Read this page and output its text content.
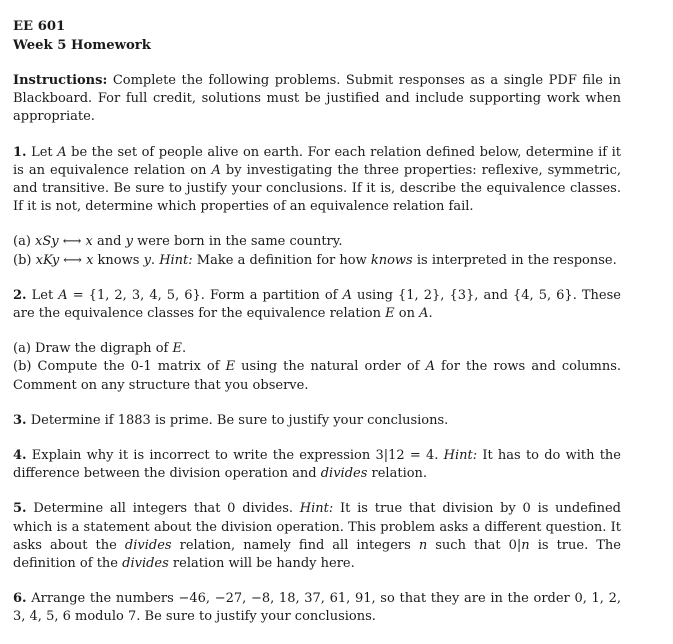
EE 601
Week 5 Homework

Instructions: Complete the following problems. Submit responses as a single PDF file in Blackboard. For full credit, solutions must be justified and include supporting work when appropriate.

1. Let A be the set of people alive on earth. For each relation defined below, determine if it is an equivalence relation on A by investigating the three properties: reflexive, symmetric, and transitive. Be sure to justify your conclusions. If it is, describe the equivalence classes. If it is not, determine which properties of an equivalence relation fail.

(a) xSy ⟷ x and y were born in the same country.

(b) xKy ⟷ x knows y. Hint: Make a definition for how knows is interpreted in the response.

2. Let A = {1, 2, 3, 4, 5, 6}. Form a partition of A using {1, 2}, {3}, and {4, 5, 6}. These are the equivalence classes for the equivalence relation E on A.

(a) Draw the digraph of E.

(b) Compute the 0-1 matrix of E using the natural order of A for the rows and columns. Comment on any structure that you observe.

3. Determine if 1883 is prime. Be sure to justify your conclusions.

4. Explain why it is incorrect to write the expression 3|12 = 4. Hint: It has to do with the difference between the division operation and divides relation.

5. Determine all integers that 0 divides. Hint: It is true that division by 0 is undefined which is a statement about the division operation. This problem asks a different question. It asks about the divides relation, namely find all integers n such that 0|n is true. The definition of the divides relation will be handy here.

6. Arrange the numbers −46, −27, −8, 18, 37, 61, 91, so that they are in the order 0, 1, 2, 3, 4, 5, 6 modulo 7. Be sure to justify your conclusions.
